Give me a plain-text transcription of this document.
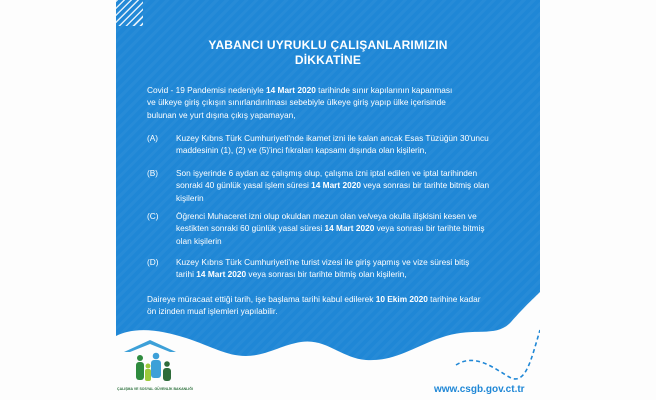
YABANCI UYRUKLU ÇALIŞANLARIMIZIN
DİKKATİNE
Covid - 19 Pandemisi nedeniyle 14 Mart 2020 tarihinde sınır kapılarının kapanması
ve ülkeye giriş çıkışın sınırlandırılması sebebiyle ülkeye giriş yapıp ülke içerisinde
bulunan ve yurt dışına çıkış yapamayan,
(A) Kuzey Kıbrıs Türk Cumhuriyeti'nde ikamet izni ile kalan ancak Esas Tüzüğün 30'uncu
maddesinin (1), (2) ve (5)'inci fıkraları kapsamı dışında olan kişilerin,
(B) Son işyerinde 6 aydan az çalışmış olup, çalışma izni iptal edilen ve iptal tarihinden
sonraki 40 günlük yasal işlem süresi 14 Mart 2020 veya sonrası bir tarihte bitmiş olan
kişilerin
(C) Öğrenci Muhaceret izni olup okuldan mezun olan ve/veya okulla ilişkisini kesen ve
kestikten sonraki 60 günlük yasal süresi 14 Mart 2020 veya sonrası bir tarihte bitmiş
olan kişilerin
(D) Kuzey Kıbrıs Türk Cumhuriyeti'ne turist vizesi ile giriş yapmış ve vize süresi bitiş
tarihi 14 Mart 2020 veya sonrası bir tarihte bitmiş olan kişilerin,
Daireye müracaat ettiği tarih, işe başlama tarihi kabul edilerek 10 Ekim 2020 tarihine kadar
ön izinden muaf işlemleri yapılabilir.
ÇALIŞMA VE SOSYAL GÜVENLİK BAKANLIĞI	www.csgb.gov.ct.tr
